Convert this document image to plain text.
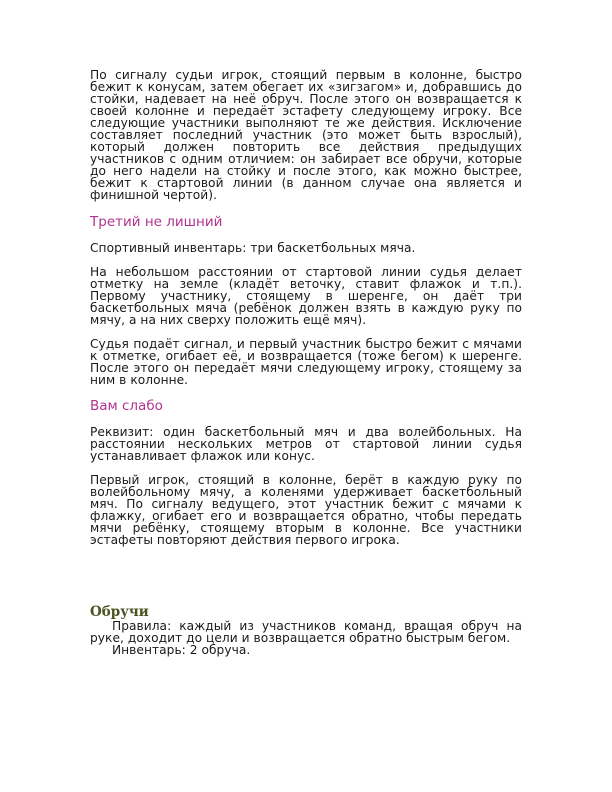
По сигналу судьи игрок, стоящий первым в колонне, быстро бежит к конусам, затем обегает их «зигзагом» и, добравшись до стойки, надевает на неё обруч. После этого он возвращается к своей колонне и передаёт эстафету следующему игроку. Все следующие участники выполняют те же действия. Исключение составляет последний участник (это может быть взрослый), который должен повторить все действия предыдущих участников с одним отличием: он забирает все обручи, которые до него надели на стойку и после этого, как можно быстрее, бежит к стартовой линии (в данном случае она является и финишной чертой).

Третий не лишний

Спортивный инвентарь: три баскетбольных мяча.

На небольшом расстоянии от стартовой линии судья делает отметку на земле (кладёт веточку, ставит флажок и т.п.). Первому участнику, стоящему в шеренге, он даёт три баскетбольных мяча (ребёнок должен взять в каждую руку по мячу, а на них сверху положить ещё мяч).

Судья подаёт сигнал, и первый участник быстро бежит с мячами к отметке, огибает её, и возвращается (тоже бегом) к шеренге. После этого он передаёт мячи следующему игроку, стоящему за ним в колонне.

Вам слабо

Реквизит: один баскетбольный мяч и два волейбольных. На расстоянии нескольких метров от стартовой линии судья устанавливает флажок или конус.

Первый игрок, стоящий в колонне, берёт в каждую руку по волейбольному мячу, а коленями удерживает баскетбольный мяч. По сигналу ведущего, этот участник бежит с мячами к флажку, огибает его и возвращается обратно, чтобы передать мячи ребёнку, стоящему вторым в колонне. Все участники эстафеты повторяют действия первого игрока.

Обручи

Правила: каждый из участников команд, вращая обруч на руке, доходит до цели и возвращается обратно быстрым бегом.

Инвентарь: 2 обруча.
